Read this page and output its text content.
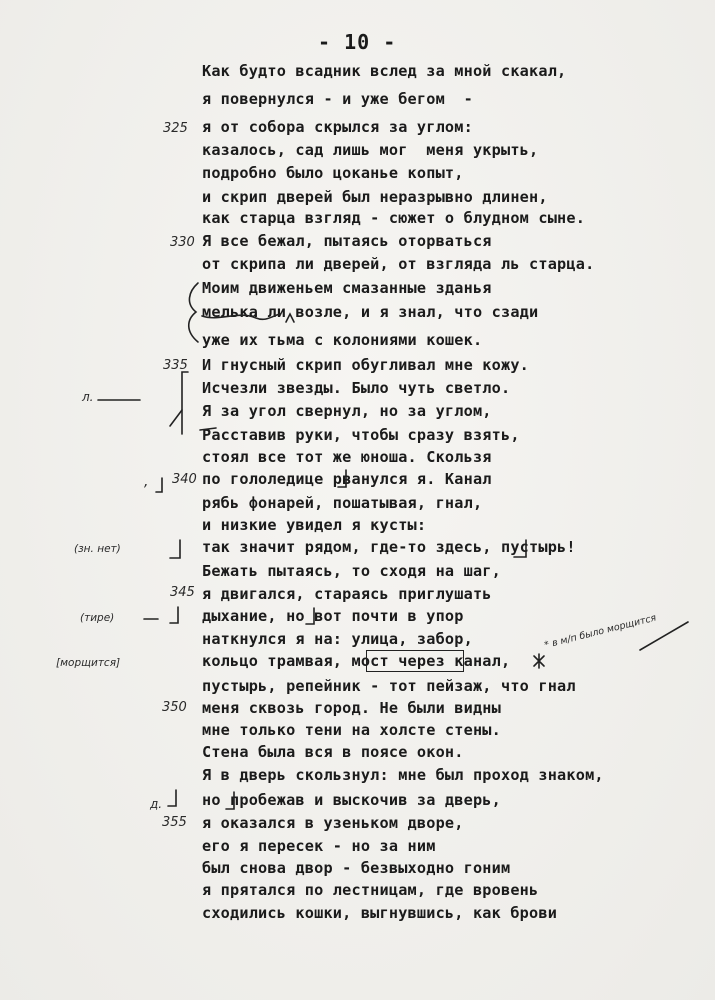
- 10 -
Как будто всадник вслед за мной скакал,
я повернулся - и уже бегом  -
я от собора скрылся за углом:
казалось, сад лишь мог  меня укрыть,
подробно было цоканье копыт,
и скрип дверей был неразрывно длинен,
как старца взгляд - сюжет о блудном сыне.
Я все бежал, пытаясь оторваться
от скрипа ли дверей, от взгляда ль старца.
Моим движеньем смазанные зданья
мелька ли возле, и я знал, что сзади
уже их тьма с колониями кошек.
И гнусный скрип обугливал мне кожу.
Исчезли звезды. Было чуть светло.
Я за угол свернул, но за углом,
Расставив руки, чтобы сразу взять,
стоял все тот же юноша. Скользя
по гололедице рванулся я. Канал
рябь фонарей, пошатывая, гнал,
и низкие увидел я кусты:
так значит рядом, где-то здесь, пустырь!
Бежать пытаясь, то сходя на шаг,
я двигался, стараясь приглушать
дыхание, но вот почти в упор
наткнулся я на: улица, забор,
кольцо трамвая, мост через канал,
пустырь, репейник - тот пейзаж, что гнал
меня сквозь город. Не были видны
мне только тени на холсте стены.
Стена была вся в поясе окон.
Я в дверь скользнул: мне был проход знаком,
но пробежав и выскочив за дверь,
я оказался в узеньком дворе,
его я пересек - но за ним
был снова двор - безвыходно гоним
я прятался по лестницам, где вровень
сходились кошки, выгнувшись, как брови
325
330
335
340
345
350
355
л.
,
(зн. нет)
(тире)
[морщится]
д.
* в м/п было морщится
